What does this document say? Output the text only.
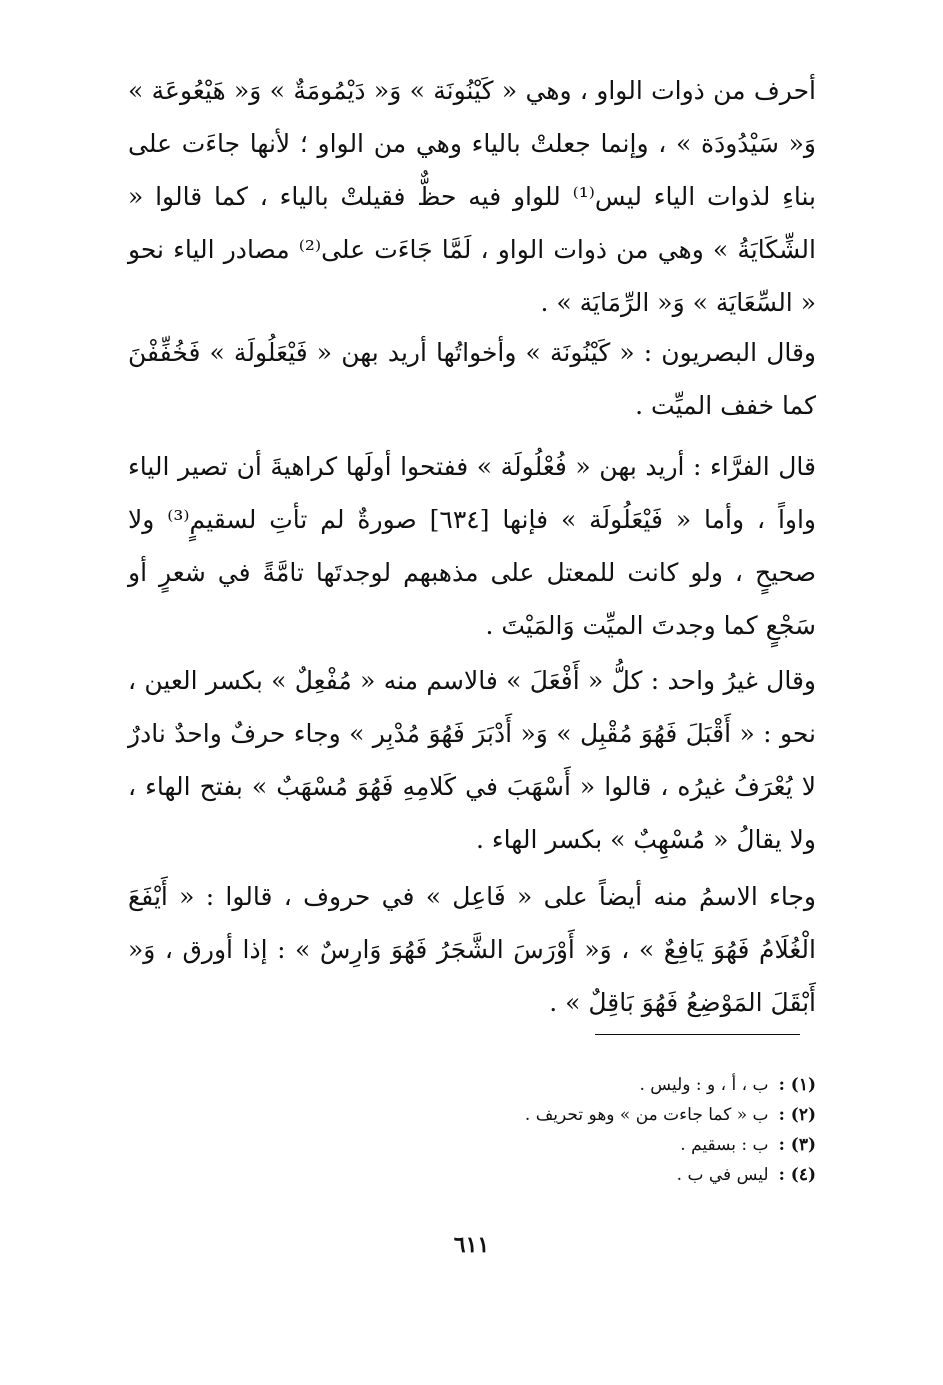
أحرف من ذوات الواو ، وهي « كَيْنُونَة » وَ« دَيْمُومَةٌ » وَ« هَيْعُوعَة » وَ« سَيْدُودَة » ، وإنما جعلتْ بالياء وهي من الواو ؛ لأنها جاءَت على بناءِ لذوات الياء ليس⁽¹⁾ للواو فيه حظٌّ فقيلتْ بالياء ، كما قالوا « الشِّكَايَةُ » وهي من ذوات الواو ، لَمَّا جَاءَت على⁽²⁾ مصادر الياء نحو « السِّعَايَة » وَ« الرِّمَايَة » .

وقال البصريون : « كَيْنُونَة » وأخواتُها أريد بهن « فَيْعَلُولَة » فَخُفِّفْنَ كما خفف الميِّت .

قال الفرَّاء : أريد بهن « فُعْلُولَة » ففتحوا أولَها كراهيةَ أن تصير الياء واواً ، وأما « فَيْعَلُولَة » فإنها [٦٣٤] صورةٌ لم تأتِ لسقيمٍ⁽³⁾ ولا صحيحٍ ، ولو كانت للمعتل على مذهبهم لوجدتَها تامَّةً في شعرٍ أو سَجْعٍ كما وجدتَ الميِّت وَالمَيْتَ .

وقال غيرُ واحد : كلُّ « أَفْعَلَ » فالاسم منه « مُفْعِلٌ » بكسر العين ، نحو : « أَقْبَلَ فَهُوَ مُقْبِل » وَ« أَدْبَرَ فَهُوَ مُدْبِر » وجاء حرفٌ واحدٌ نادرٌ لا يُعْرَفُ غيرُه ، قالوا « أَسْهَبَ في كَلامِهِ فَهُوَ مُسْهَبٌ » بفتح الهاء ، ولا يقالُ « مُسْهِبٌ » بكسر الهاء .

وجاء الاسمُ منه أيضاً على « فَاعِل » في حروف ، قالوا : « أَيْفَعَ الْغُلَامُ فَهُوَ يَافِعٌ » ، وَ« أَوْرَسَ الشَّجَرُ فَهُوَ وَارِسٌ » : إذا أورق ، وَ« أَبْقَلَ المَوْضِعُ فَهُوَ بَاقِلٌ » .

(١) :
ب ، أ ، و : وليس .
(٢) :
ب « كما جاءت من » وهو تحريف .
(٣) :
ب : بسقيم .
(٤) :
ليس في ب .
٦١١
